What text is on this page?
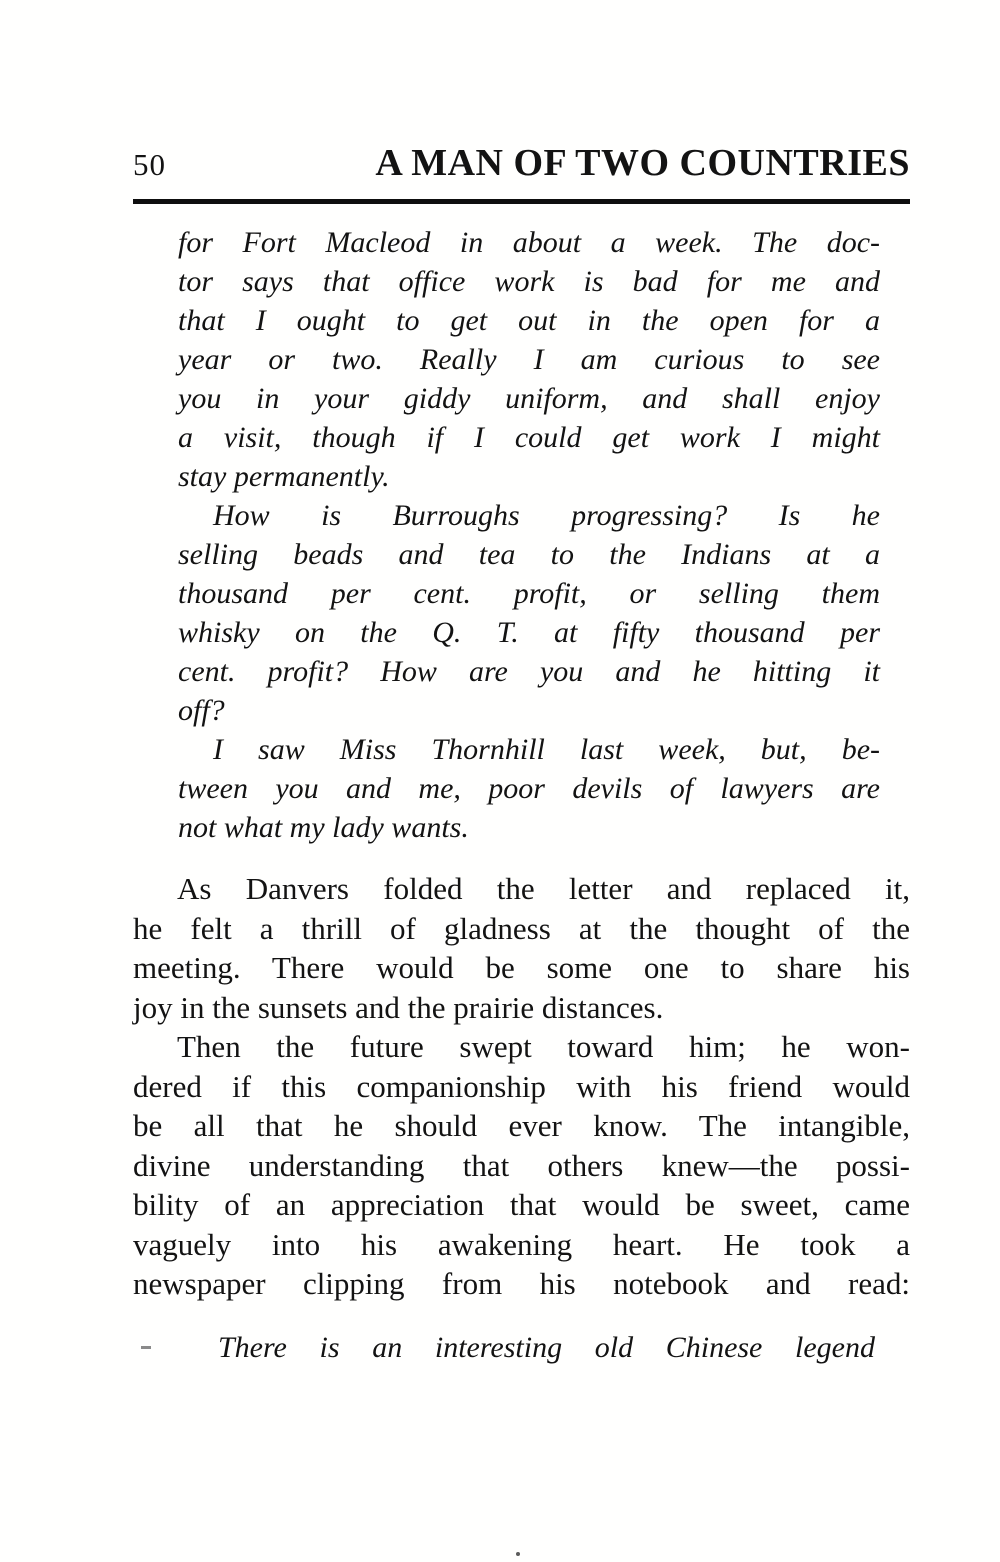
50	A MAN OF TWO COUNTRIES
for Fort Macleod in about a week. The doc-
tor says that office work is bad for me and
that I ought to get out in the open for a
year or two. Really I am curious to see
you in your giddy uniform, and shall enjoy
a visit, though if I could get work I might
stay permanently.
How is Burroughs progressing? Is he
selling beads and tea to the Indians at a
thousand per cent. profit, or selling them
whisky on the Q. T. at fifty thousand per
cent. profit? How are you and he hitting it
off?
I saw Miss Thornhill last week, but, be-
tween you and me, poor devils of lawyers are
not what my lady wants.
As Danvers folded the letter and replaced it,
he felt a thrill of gladness at the thought of the
meeting. There would be some one to share his
joy in the sunsets and the prairie distances.
Then the future swept toward him; he won-
dered if this companionship with his friend would
be all that he should ever know. The intangible,
divine understanding that others knew—the possi-
bility of an appreciation that would be sweet, came
vaguely into his awakening heart. He took a
newspaper clipping from his notebook and read:
There is an interesting old Chinese legend
